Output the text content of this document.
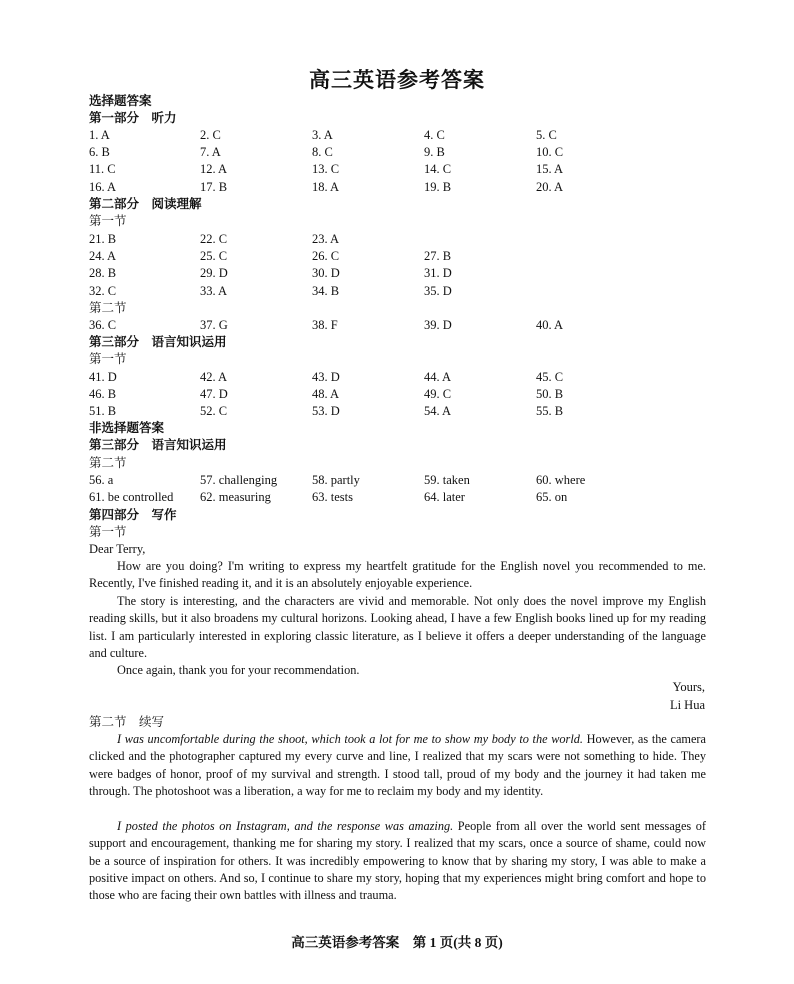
高三英语参考答案
选择题答案
第一部分　听力
1. A	2. C	3. A	4. C	5. C
6. B	7. A	8. C	9. B	10. C
11. C	12. A	13. C	14. C	15. A
16. A	17. B	18. A	19. B	20. A
第二部分　阅读理解
第一节
21. B	22. C	23. A
24. A	25. C	26. C	27. B
28. B	29. D	30. D	31. D
32. C	33. A	34. B	35. D
第二节
36. C	37. G	38. F	39. D	40. A
第三部分　语言知识运用
第一节
41. D	42. A	43. D	44. A	45. C
46. B	47. D	48. A	49. C	50. B
51. B	52. C	53. D	54. A	55. B
非选择题答案
第三部分　语言知识运用
第二节
56. a	57. challenging	58. partly	59. taken	60. where
61. be controlled 62. measuring	63. tests	64. later	65. on
第四部分　写作
第一节
Dear Terry,
How are you doing? I'm writing to express my heartfelt gratitude for the English novel you recommended to me. Recently, I've finished reading it, and it is an absolutely enjoyable experience.
The story is interesting, and the characters are vivid and memorable. Not only does the novel improve my English reading skills, but it also broadens my cultural horizons. Looking ahead, I have a few English books lined up for my reading list. I am particularly interested in exploring classic literature, as I believe it offers a deeper understanding of the language and culture.
Once again, thank you for your recommendation.
Yours,
Li Hua
第二节　续写
I was uncomfortable during the shoot, which took a lot for me to show my body to the world. However, as the camera clicked and the photographer captured my every curve and line, I realized that my scars were not something to hide. They were badges of honor, proof of my survival and strength. I stood tall, proud of my body and the journey it had taken me through. The photoshoot was a liberation, a way for me to reclaim my body and my identity.
I posted the photos on Instagram, and the response was amazing. People from all over the world sent messages of support and encouragement, thanking me for sharing my story. I realized that my scars, once a source of shame, could now be a source of inspiration for others. It was incredibly empowering to know that by sharing my story, I was able to make a positive impact on others. And so, I continue to share my story, hoping that my experiences might bring comfort and hope to those who are facing their own battles with illness and trauma.
高三英语参考答案　第 1 页(共 8 页)
